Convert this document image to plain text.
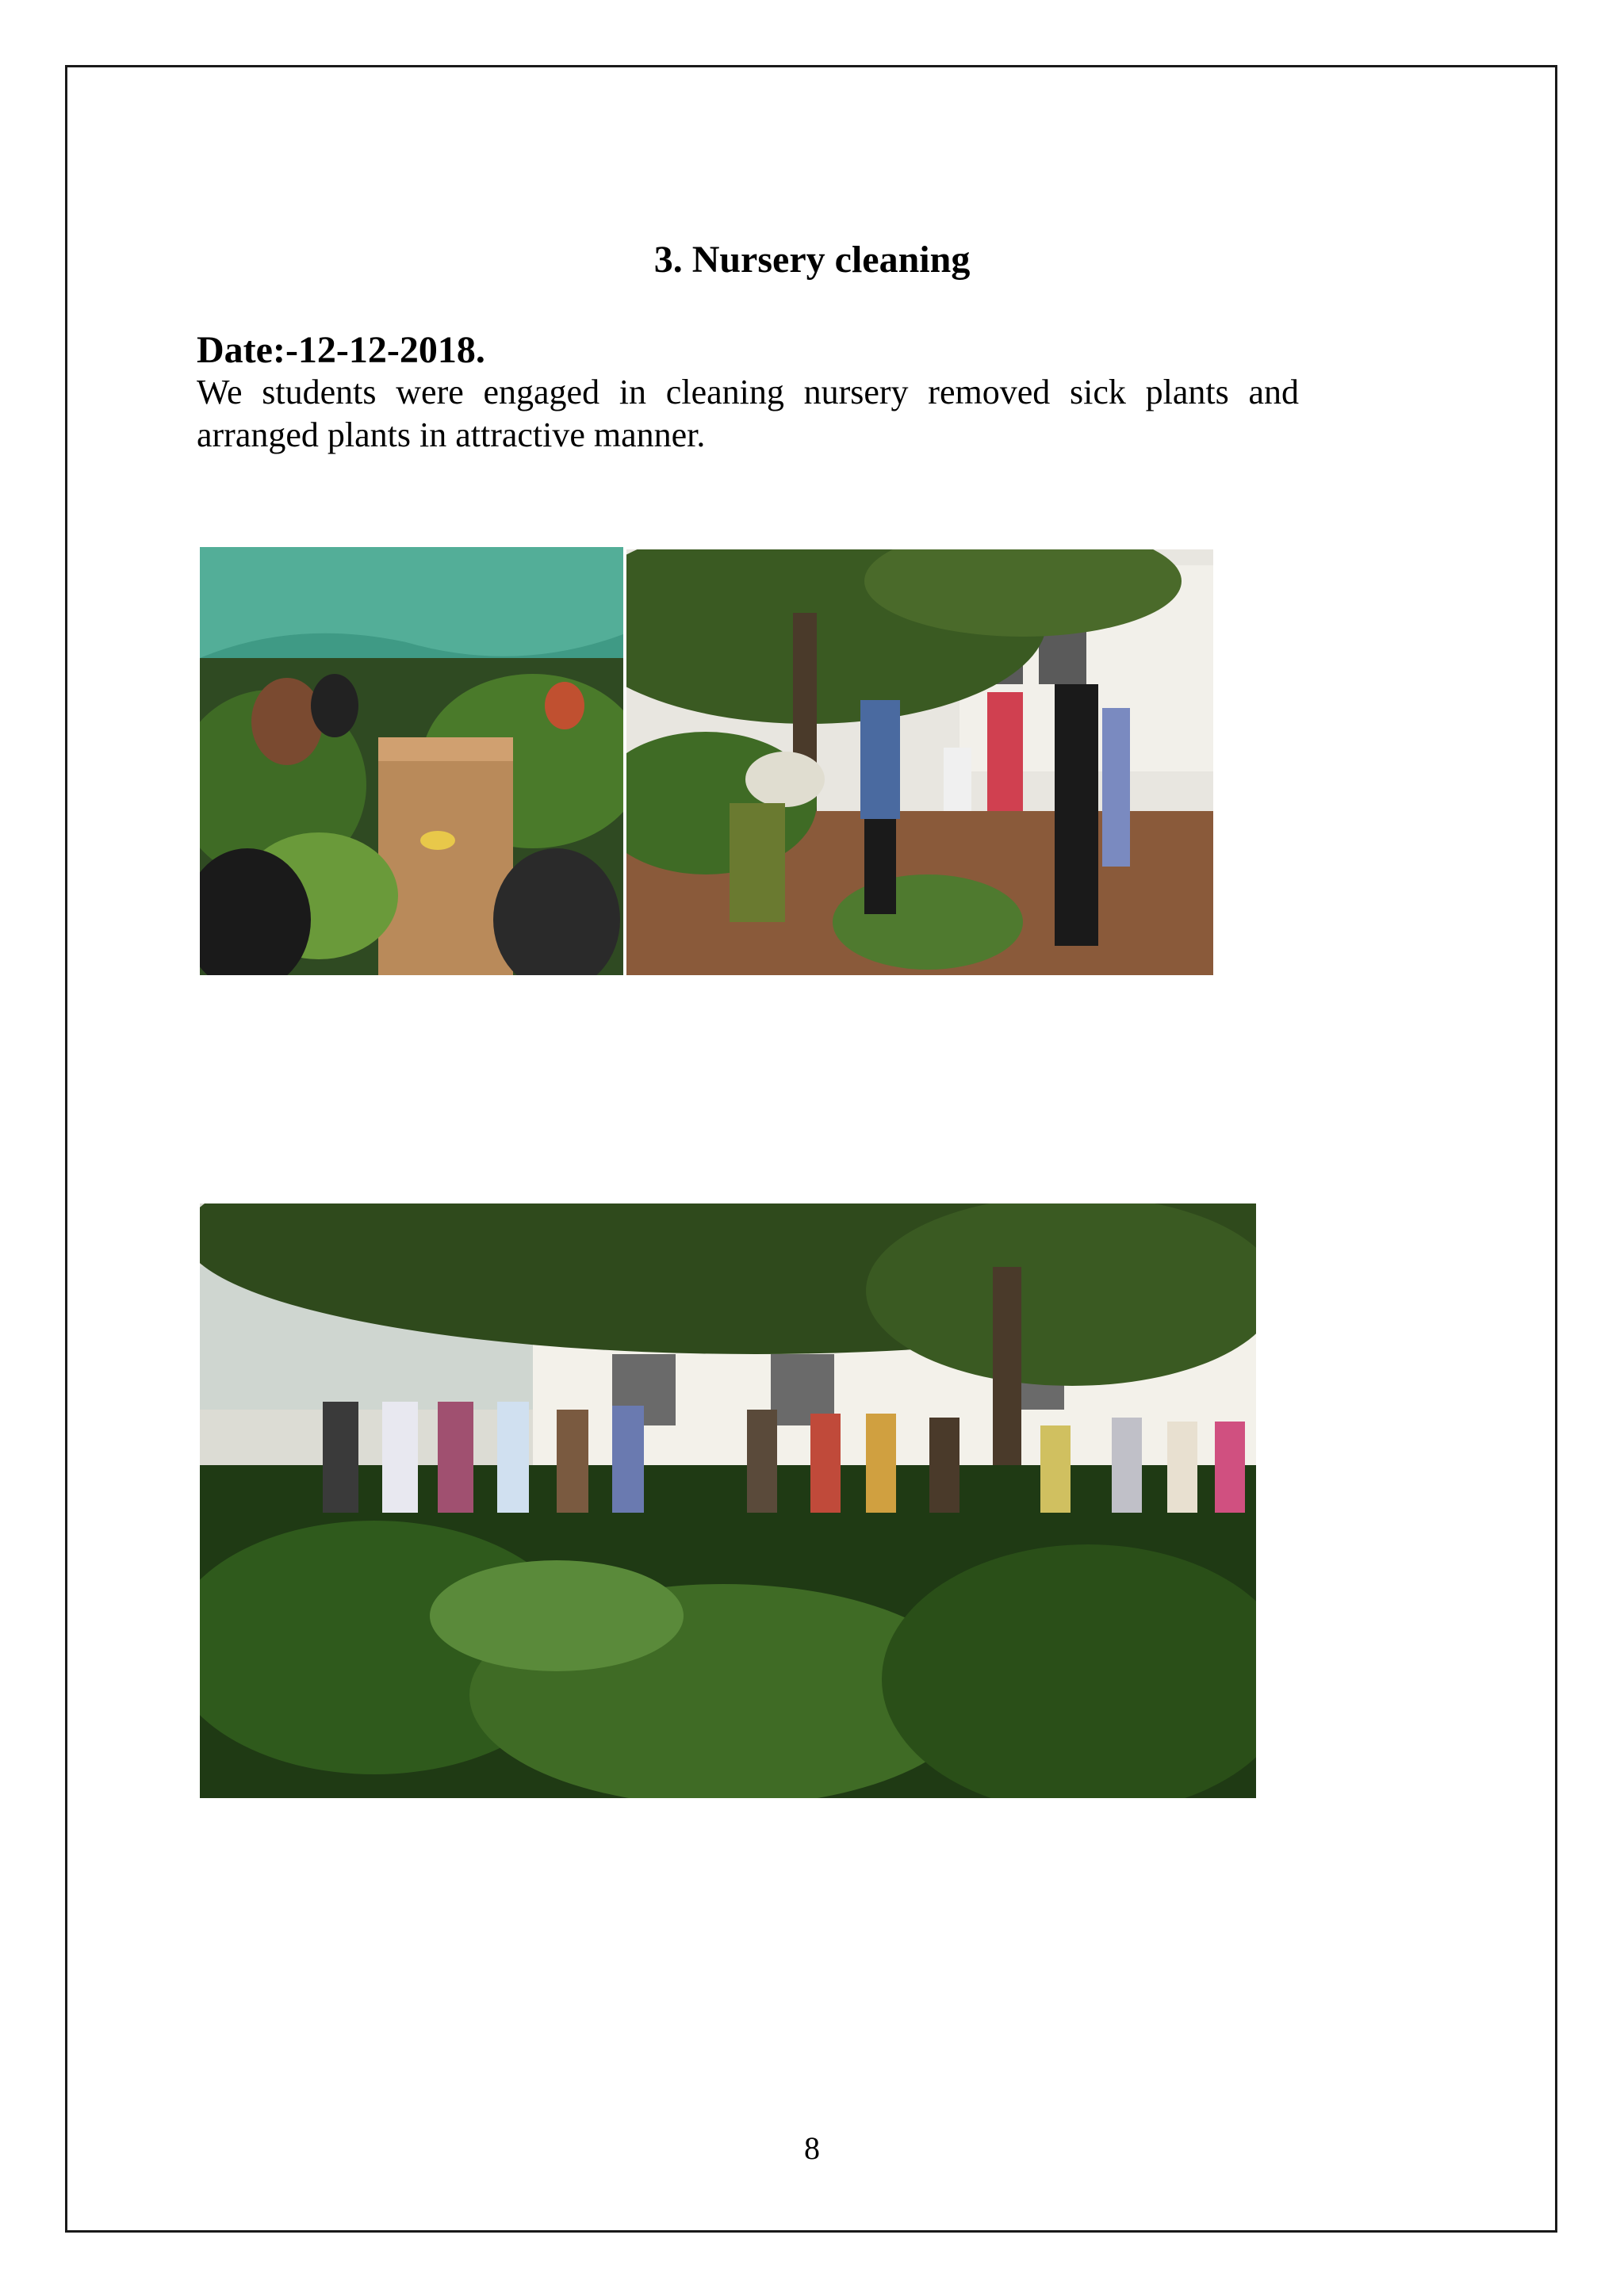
3. Nursery cleaning
Date:-12-12-2018.
We students were engaged in cleaning nursery removed sick plants and arranged plants in attractive manner.
8
